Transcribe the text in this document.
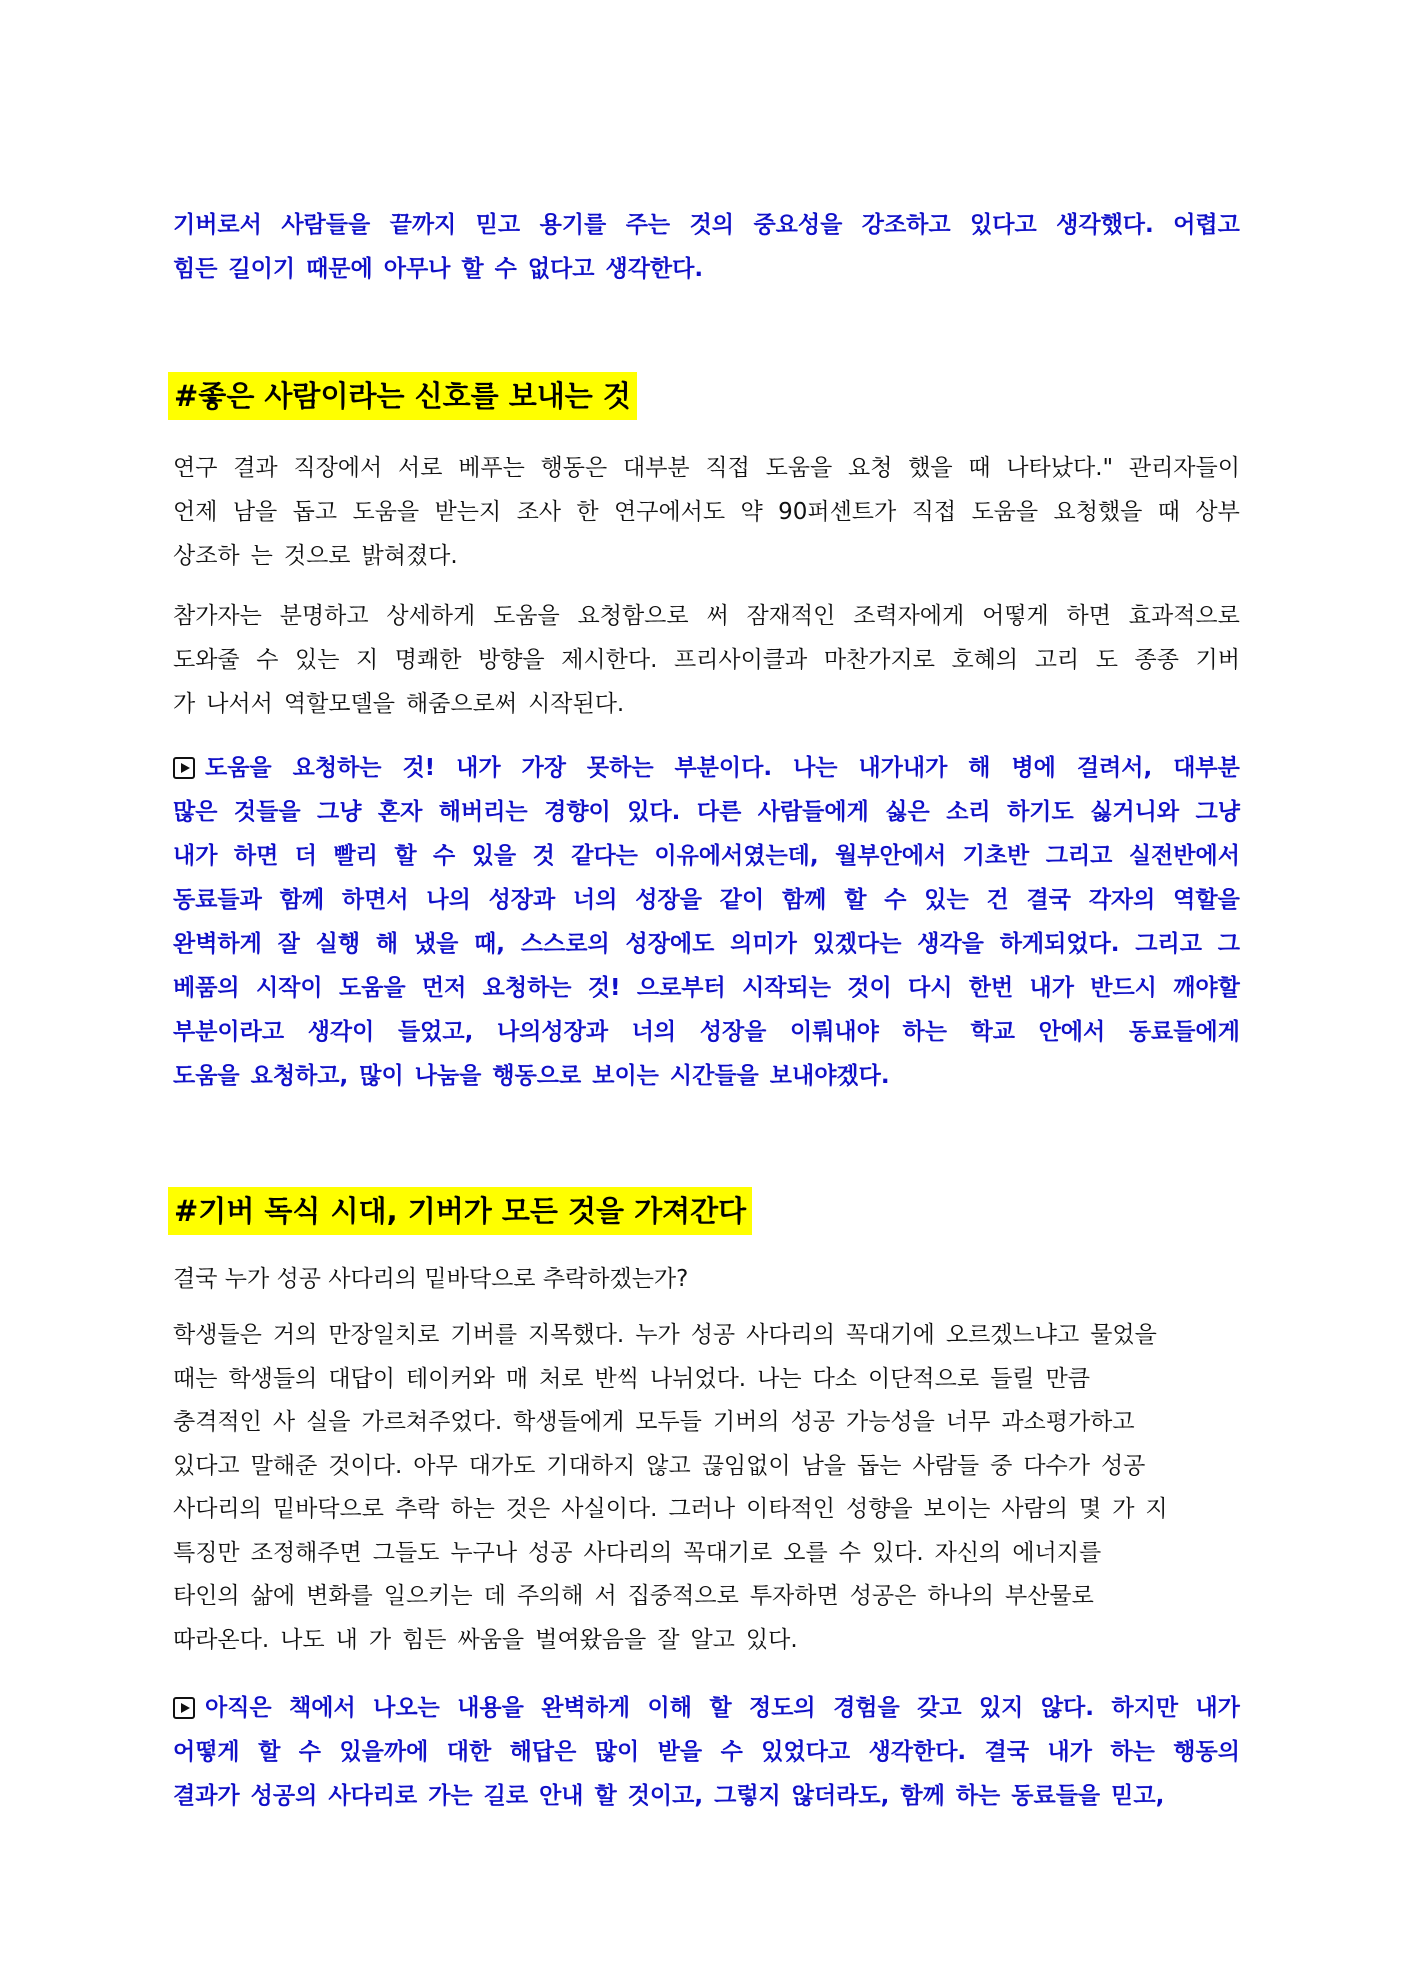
기버로서 사람들을 끝까지 믿고 용기를 주는 것의 중요성을 강조하고 있다고 생각했다. 어렵고
힘든 길이기 때문에 아무나 할 수 없다고 생각한다.
#좋은 사람이라는 신호를 보내는 것
연구 결과 직장에서 서로 베푸는 행동은 대부분 직접 도움을 요청 했을 때 나타났다." 관리자들이
언제 남을 돕고 도움을 받는지 조사 한 연구에서도 약 90퍼센트가 직접 도움을 요청했을 때 상부
상조하 는 것으로 밝혀졌다.
참가자는 분명하고 상세하게 도움을 요청함으로 써 잠재적인 조력자에게 어떻게 하면 효과적으로
도와줄 수 있는 지 명쾌한 방향을 제시한다. 프리사이클과 마찬가지로 호혜의 고리 도 종종 기버
가 나서서 역할모델을 해줌으로써 시작된다.
도움을 요청하는 것! 내가 가장 못하는 부분이다. 나는 내가내가 해 병에 걸려서, 대부분
많은 것들을 그냥 혼자 해버리는 경향이 있다. 다른 사람들에게 싫은 소리 하기도 싫거니와 그냥
내가 하면 더 빨리 할 수 있을 것 같다는 이유에서였는데, 월부안에서 기초반 그리고 실전반에서
동료들과 함께 하면서 나의 성장과 너의 성장을 같이 함께 할 수 있는 건 결국 각자의 역할을
완벽하게 잘 실행 해 냈을 때, 스스로의 성장에도 의미가 있겠다는 생각을 하게되었다. 그리고 그
베품의 시작이 도움을 먼저 요청하는 것! 으로부터 시작되는 것이 다시 한번 내가 반드시 깨야할
부분이라고 생각이 들었고, 나의성장과 너의 성장을 이뤄내야 하는 학교 안에서 동료들에게
도움을 요청하고, 많이 나눔을 행동으로 보이는 시간들을 보내야겠다.
#기버 독식 시대, 기버가 모든 것을 가져간다
결국 누가 성공 사다리의 밑바닥으로 추락하겠는가?
학생들은 거의 만장일치로 기버를 지목했다. 누가 성공 사다리의 꼭대기에 오르겠느냐고 물었을
때는 학생들의 대답이 테이커와 매 처로 반씩 나뉘었다. 나는 다소 이단적으로 들릴 만큼
충격적인 사 실을 가르쳐주었다. 학생들에게 모두들 기버의 성공 가능성을 너무 과소평가하고
있다고 말해준 것이다. 아무 대가도 기대하지 않고 끊임없이 남을 돕는 사람들 중 다수가 성공
사다리의 밑바닥으로 추락 하는 것은 사실이다. 그러나 이타적인 성향을 보이는 사람의 몇 가 지
특징만 조정해주면 그들도 누구나 성공 사다리의 꼭대기로 오를 수 있다. 자신의 에너지를
타인의 삶에 변화를 일으키는 데 주의해 서 집중적으로 투자하면 성공은 하나의 부산물로
따라온다. 나도 내 가 힘든 싸움을 벌여왔음을 잘 알고 있다.
아직은 책에서 나오는 내용을 완벽하게 이해 할 정도의 경험을 갖고 있지 않다. 하지만 내가
어떻게 할 수 있을까에 대한 해답은 많이 받을 수 있었다고 생각한다. 결국 내가 하는 행동의
결과가 성공의 사다리로 가는 길로 안내 할 것이고, 그렇지 않더라도, 함께 하는 동료들을 믿고,
